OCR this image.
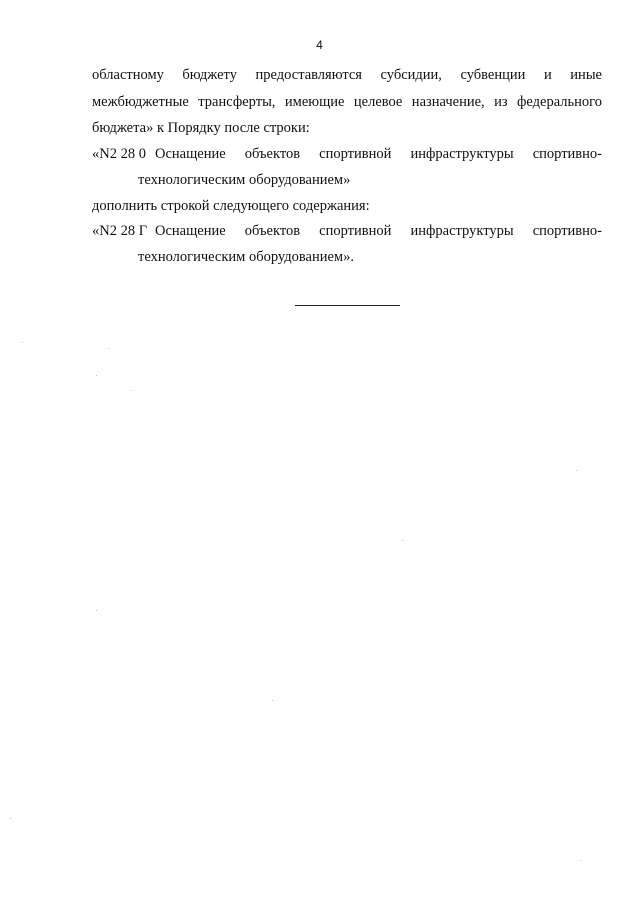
4
областному бюджету предоставляются субсидии, субвенции и иные
межбюджетные трансферты, имеющие целевое назначение, из федерального
бюджета» к Порядку после строки:
«N2 28 0 Оснащение объектов спортивной инфраструктуры спортивно-
технологическим оборудованием»
дополнить строкой следующего содержания:
«N2 28 Г Оснащение объектов спортивной инфраструктуры спортивно-
технологическим оборудованием».
